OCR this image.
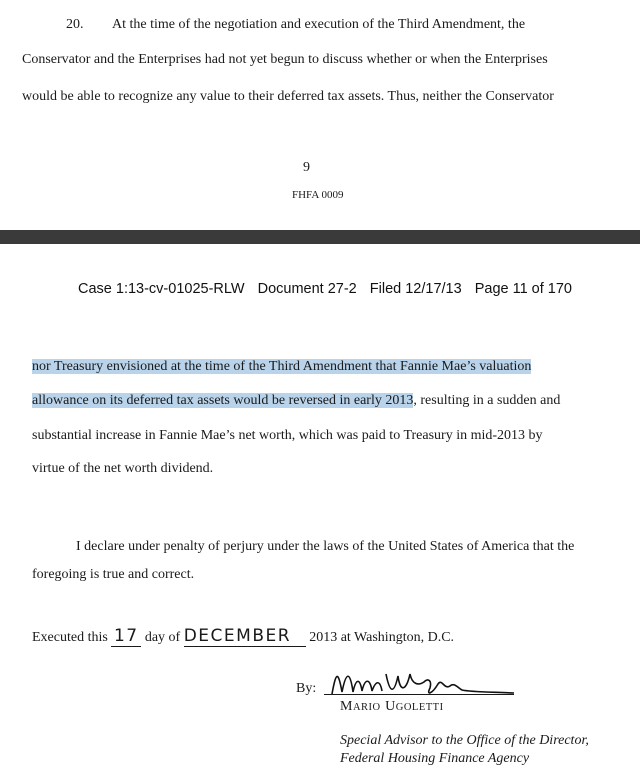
20. At the time of the negotiation and execution of the Third Amendment, the
Conservator and the Enterprises had not yet begun to discuss whether or when the Enterprises
would be able to recognize any value to their deferred tax assets. Thus, neither the Conservator
9
FHFA 0009
Case 1:13-cv-01025-RLW Document 27-2 Filed 12/17/13 Page 11 of 170
nor Treasury envisioned at the time of the Third Amendment that Fannie Mae’s valuation
allowance on its deferred tax assets would be reversed in early 2013, resulting in a sudden and
substantial increase in Fannie Mae’s net worth, which was paid to Treasury in mid-2013 by
virtue of the net worth dividend.
I declare under penalty of perjury under the laws of the United States of America that the
foregoing is true and correct.
Executed this 17 day of DECEMBER 2013 at Washington, D.C.
By:
MARIO UGOLETTI
Special Advisor to the Office of the Director,
Federal Housing Finance Agency
